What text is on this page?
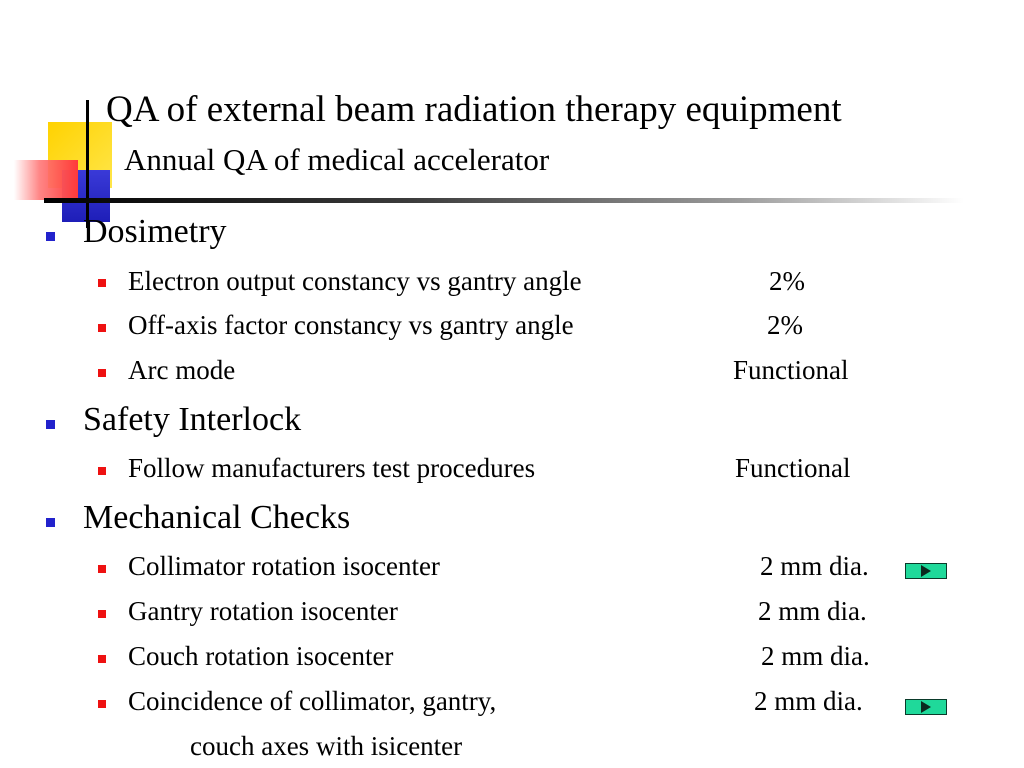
QA of external beam radiation therapy equipment
Annual QA of medical accelerator
Dosimetry
Electron output constancy vs gantry angle	2%
Off-axis factor constancy vs gantry angle	2%
Arc mode	Functional
Safety Interlock
Follow manufacturers test procedures	Functional
Mechanical Checks
Collimator rotation isocenter	2 mm dia.
Gantry rotation isocenter	2 mm dia.
Couch rotation isocenter	2 mm dia.
Coincidence of collimator, gantry,	2 mm dia.
couch axes with isicenter
